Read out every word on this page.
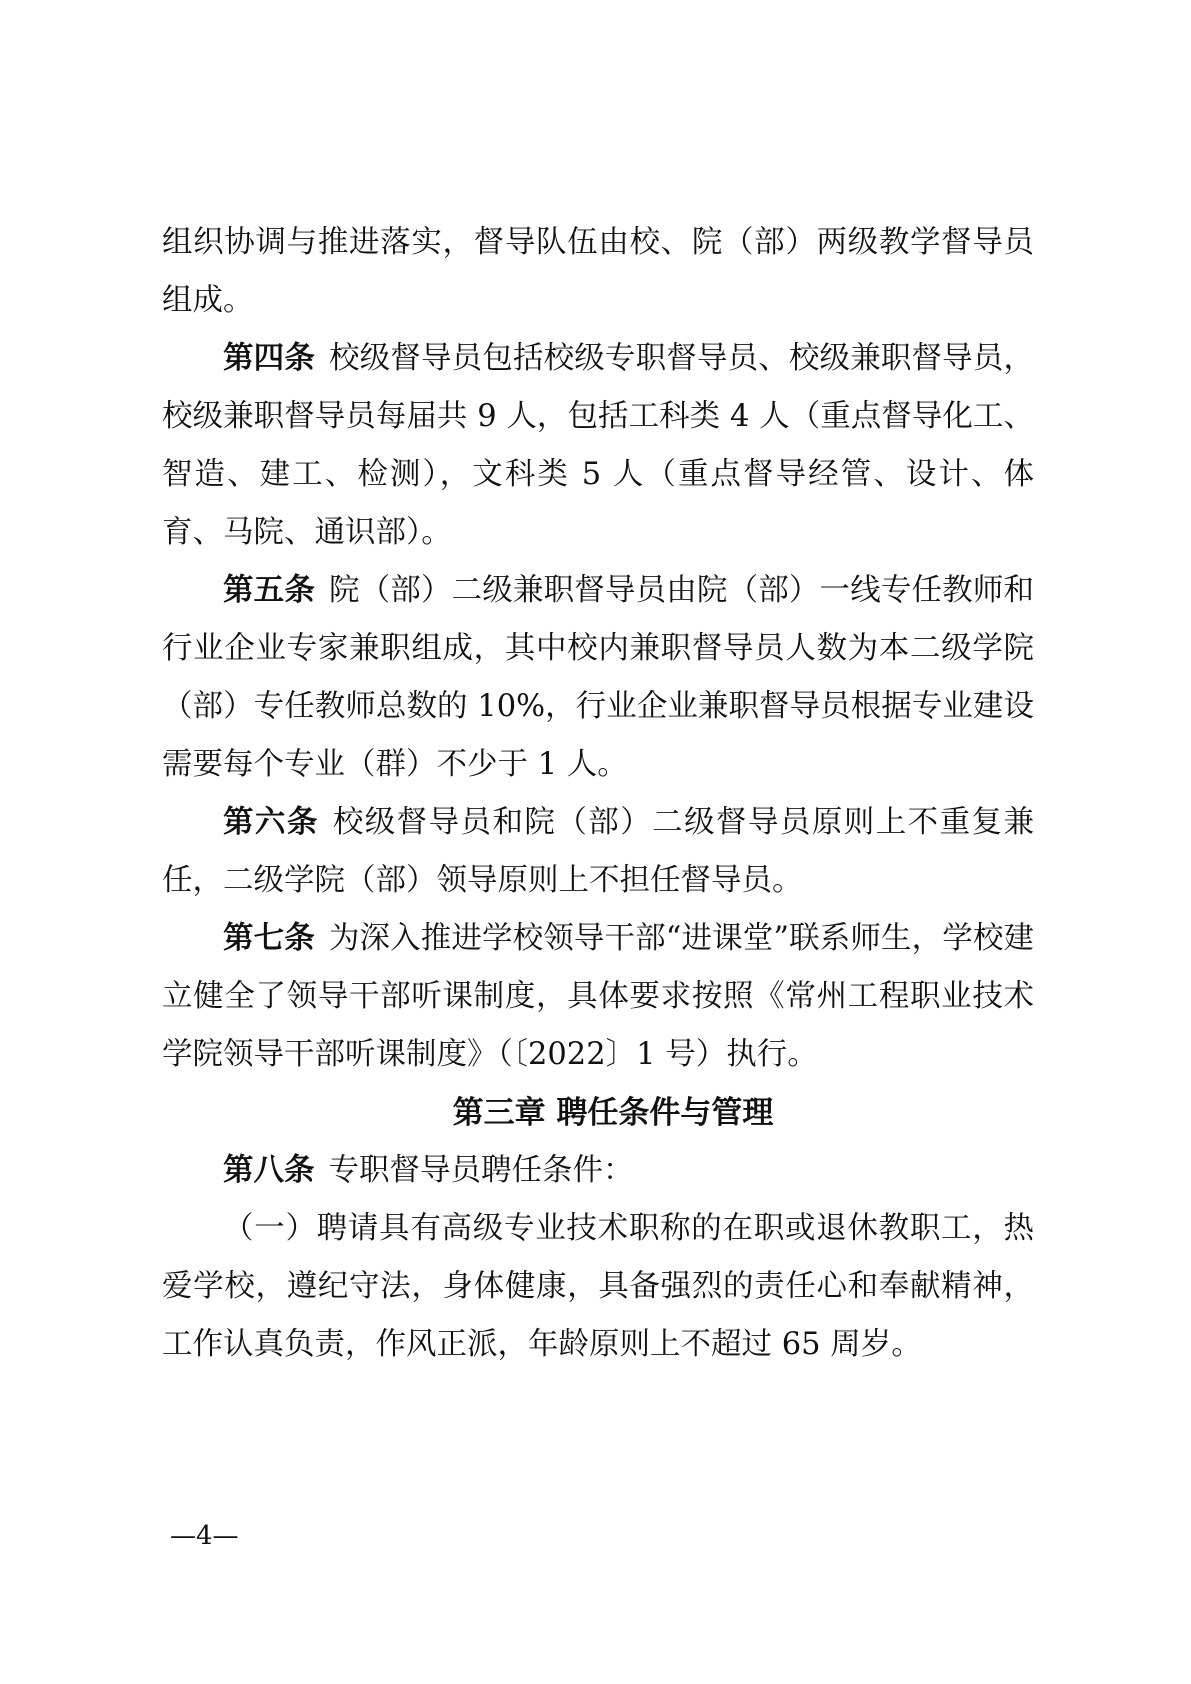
组织协调与推进落实，督导队伍由校、院（部）两级教学督导员组成。

第四条 校级督导员包括校级专职督导员、校级兼职督导员，校级兼职督导员每届共 9 人，包括工科类 4 人（重点督导化工、智造、建工、检测），文科类 5 人（重点督导经管、设计、体育、马院、通识部）。

第五条 院（部）二级兼职督导员由院（部）一线专任教师和行业企业专家兼职组成，其中校内兼职督导员人数为本二级学院（部）专任教师总数的 10%，行业企业兼职督导员根据专业建设需要每个专业（群）不少于 1 人。

第六条 校级督导员和院（部）二级督导员原则上不重复兼任，二级学院（部）领导原则上不担任督导员。

第七条 为深入推进学校领导干部“进课堂”联系师生，学校建立健全了领导干部听课制度，具体要求按照《常州工程职业技术学院领导干部听课制度》（〔2022〕1 号）执行。

第三章 聘任条件与管理

第八条 专职督导员聘任条件：

（一）聘请具有高级专业技术职称的在职或退休教职工，热爱学校，遵纪守法，身体健康，具备强烈的责任心和奉献精神，工作认真负责，作风正派，年龄原则上不超过 65 周岁。

—4—
